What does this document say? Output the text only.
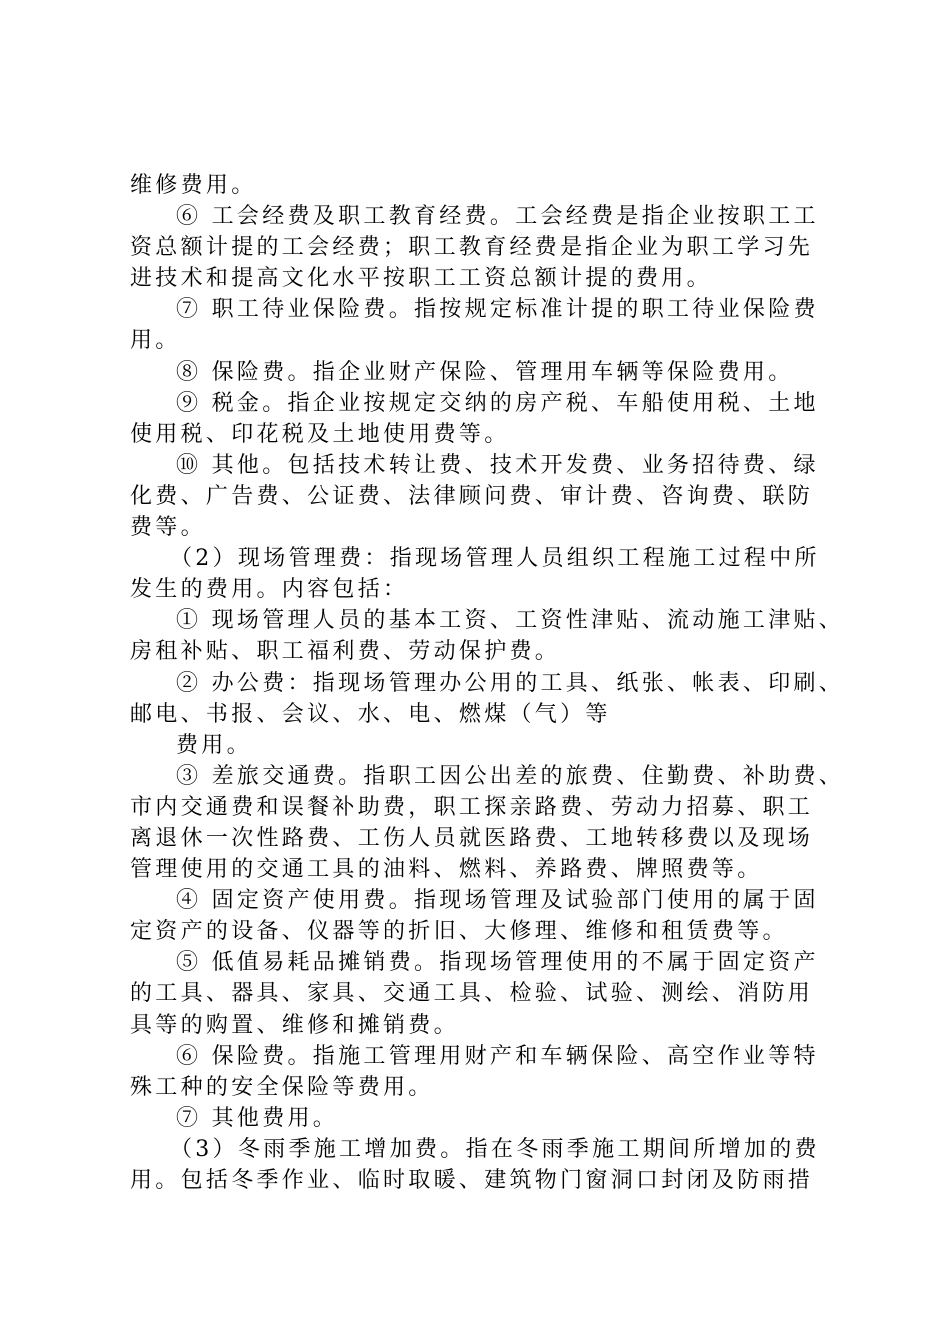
维修费用。
⑥ 工会经费及职工教育经费。工会经费是指企业按职工工
资总额计提的工会经费；职工教育经费是指企业为职工学习先
进技术和提高文化水平按职工工资总额计提的费用。
⑦ 职工待业保险费。指按规定标准计提的职工待业保险费
用。
⑧ 保险费。指企业财产保险、管理用车辆等保险费用。
⑨ 税金。指企业按规定交纳的房产税、车船使用税、土地
使用税、印花税及土地使用费等。
⑩ 其他。包括技术转让费、技术开发费、业务招待费、绿
化费、广告费、公证费、法律顾问费、审计费、咨询费、联防
费等。
（2）现场管理费：指现场管理人员组织工程施工过程中所
发生的费用。内容包括：
① 现场管理人员的基本工资、工资性津贴、流动施工津贴、
房租补贴、职工福利费、劳动保护费。
② 办公费：指现场管理办公用的工具、纸张、帐表、印刷、
邮电、书报、会议、水、电、燃煤（气）等
费用。
③ 差旅交通费。指职工因公出差的旅费、住勤费、补助费、
市内交通费和误餐补助费，职工探亲路费、劳动力招募、职工
离退休一次性路费、工伤人员就医路费、工地转移费以及现场
管理使用的交通工具的油料、燃料、养路费、牌照费等。
④ 固定资产使用费。指现场管理及试验部门使用的属于固
定资产的设备、仪器等的折旧、大修理、维修和租赁费等。
⑤ 低值易耗品摊销费。指现场管理使用的不属于固定资产
的工具、器具、家具、交通工具、检验、试验、测绘、消防用
具等的购置、维修和摊销费。
⑥ 保险费。指施工管理用财产和车辆保险、高空作业等特
殊工种的安全保险等费用。
⑦ 其他费用。
（3）冬雨季施工增加费。指在冬雨季施工期间所增加的费
用。包括冬季作业、临时取暖、建筑物门窗洞口封闭及防雨措
